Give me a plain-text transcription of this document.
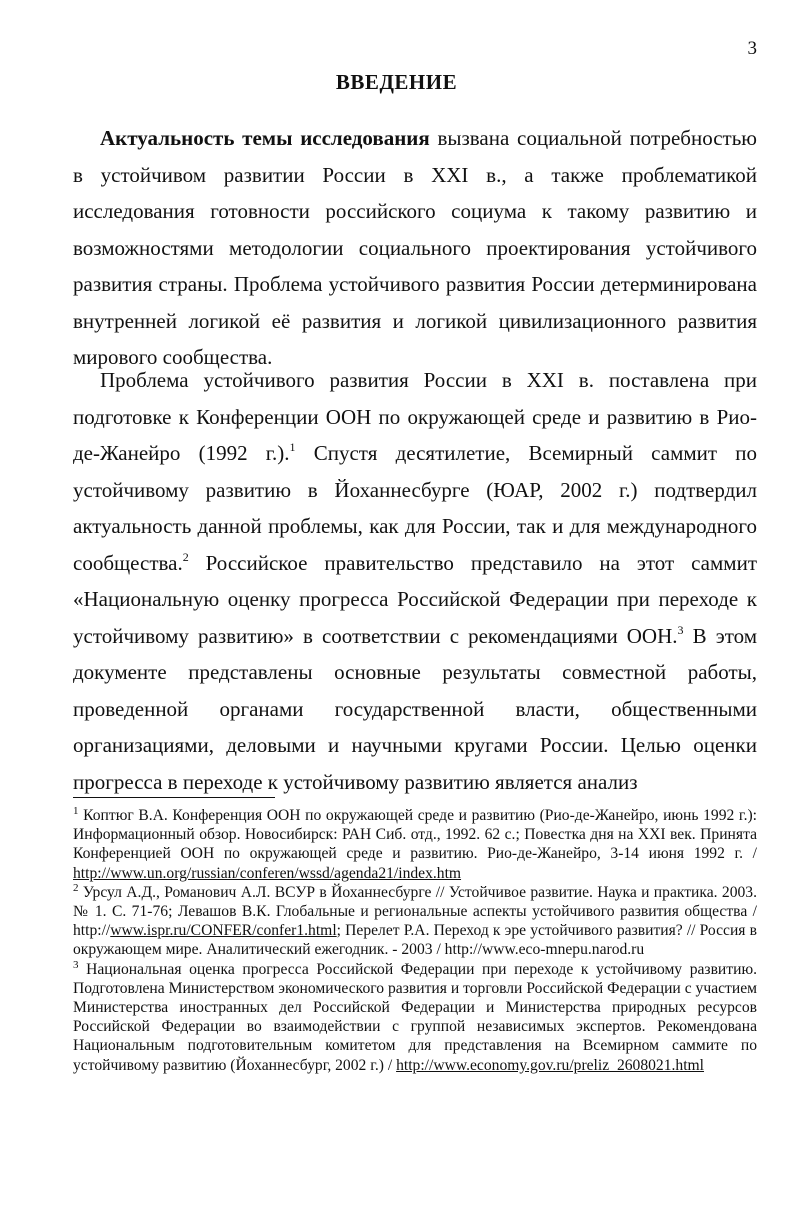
3
ВВЕДЕНИЕ

Актуальность темы исследования вызвана социальной потребностью в устойчивом развитии России в XXI в., а также проблематикой исследования готовности российского социума к такому развитию и возможностями методологии социального проектирования устойчивого развития страны. Проблема устойчивого развития России детерминирована внутренней логикой её развития и логикой цивилизационного развития мирового сообщества.

Проблема устойчивого развития России в XXI в. поставлена при подготовке к Конференции ООН по окружающей среде и развитию в Рио-де-Жанейро (1992 г.).$^1$ Спустя десятилетие, Всемирный саммит по устойчивому развитию в Йоханнесбурге (ЮАР, 2002 г.) подтвердил актуальность данной проблемы, как для России, так и для международного сообщества.$^2$ Российское правительство представило на этот саммит «Национальную оценку прогресса Российской Федерации при переходе к устойчивому развитию» в соответствии с рекомендациями ООН.$^3$ В этом документе представлены основные результаты совместной работы, проведенной органами государственной власти, общественными организациями, деловыми и научными кругами России. Целью оценки прогресса в переходе к устойчивому развитию является анализ

$^1$ Коптюг В.А. Конференция ООН по окружающей среде и развитию (Рио-де-Жанейро, июнь 1992 г.): Информационный обзор. Новосибирск: РАН Сиб. отд., 1992. 62 с.; Повестка дня на XXI век. Принята Конференцией ООН по окружающей среде и развитию. Рио-де-Жанейро, 3-14 июня 1992 г. / http://www.un.org/russian/conferen/wssd/agenda21/index.htm

$^2$ Урсул А.Д., Романович А.Л. ВСУР в Йоханнесбурге // Устойчивое развитие. Наука и практика. 2003. № 1. С. 71-76; Левашов В.К. Глобальные и региональные аспекты устойчивого развития общества / http://www.ispr.ru/CONFER/confer1.html; Перелет Р.А. Переход к эре устойчивого развития? // Россия в окружающем мире. Аналитический ежегодник. - 2003 / http://www.eco-mnepu.narod.ru

$^3$ Национальная оценка прогресса Российской Федерации при переходе к устойчивому развитию. Подготовлена Министерством экономического развития и торговли Российской Федерации с участием Министерства иностранных дел Российской Федерации и Министерства природных ресурсов Российской Федерации во взаимодействии с группой независимых экспертов. Рекомендована Национальным подготовительным комитетом для представления на Всемирном саммите по устойчивому развитию (Йоханнесбург, 2002 г.) / http://www.economy.gov.ru/preliz_2608021.html
